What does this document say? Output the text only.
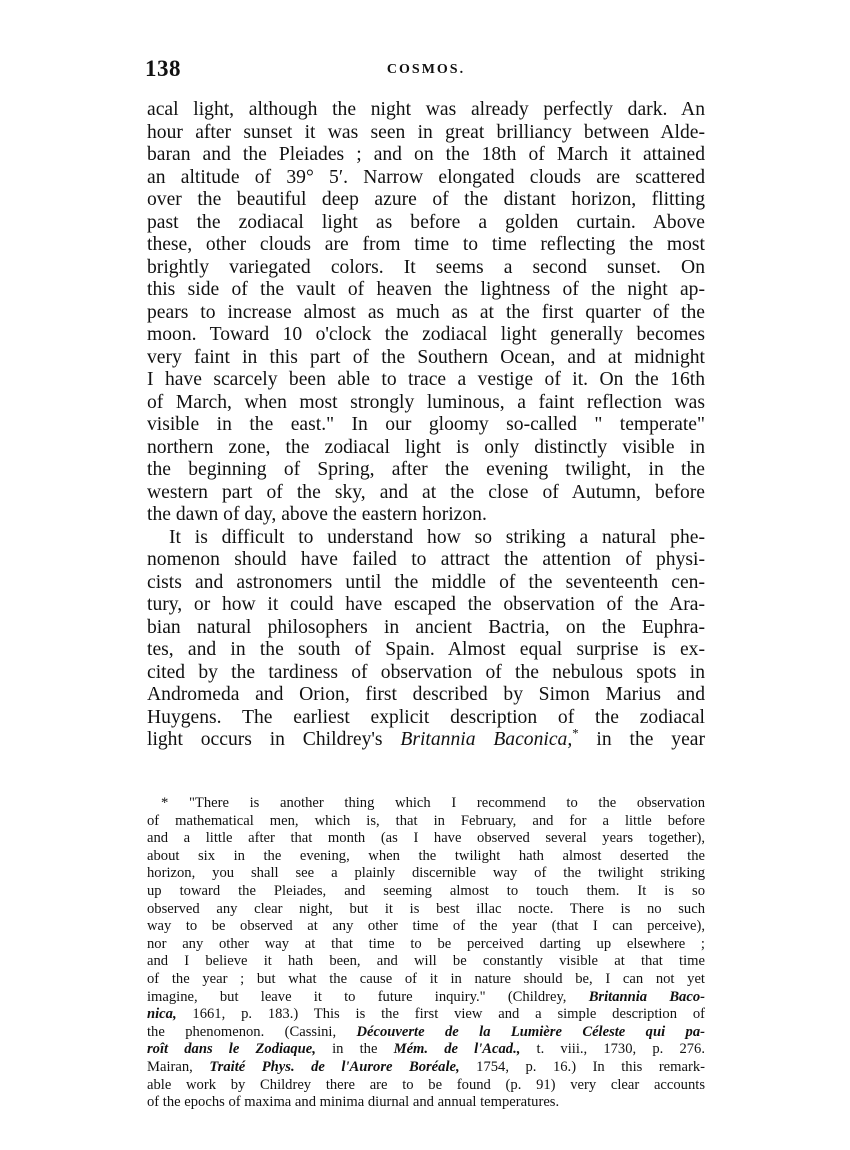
138	COSMOS.
acal light, although the night was already perfectly dark. An
hour after sunset it was seen in great brilliancy between Alde-
baran and the Pleiades ; and on the 18th of March it attained
an altitude of 39° 5′. Narrow elongated clouds are scattered
over the beautiful deep azure of the distant horizon, flitting
past the zodiacal light as before a golden curtain. Above
these, other clouds are from time to time reflecting the most
brightly variegated colors. It seems a second sunset. On
this side of the vault of heaven the lightness of the night ap-
pears to increase almost as much as at the first quarter of the
moon. Toward 10 o'clock the zodiacal light generally becomes
very faint in this part of the Southern Ocean, and at midnight
I have scarcely been able to trace a vestige of it. On the 16th
of March, when most strongly luminous, a faint reflection was
visible in the east." In our gloomy so-called " temperate"
northern zone, the zodiacal light is only distinctly visible in
the beginning of Spring, after the evening twilight, in the
western part of the sky, and at the close of Autumn, before
the dawn of day, above the eastern horizon.
It is difficult to understand how so striking a natural phe-
nomenon should have failed to attract the attention of physi-
cists and astronomers until the middle of the seventeenth cen-
tury, or how it could have escaped the observation of the Ara-
bian natural philosophers in ancient Bactria, on the Euphra-
tes, and in the south of Spain. Almost equal surprise is ex-
cited by the tardiness of observation of the nebulous spots in
Andromeda and Orion, first described by Simon Marius and
Huygens. The earliest explicit description of the zodiacal
light occurs in Childrey's Britannia Baconica,* in the year
* "There is another thing which I recommend to the observation
of mathematical men, which is, that in February, and for a little before
and a little after that month (as I have observed several years together),
about six in the evening, when the twilight hath almost deserted the
horizon, you shall see a plainly discernible way of the twilight striking
up toward the Pleiades, and seeming almost to touch them. It is so
observed any clear night, but it is best illac nocte. There is no such
way to be observed at any other time of the year (that I can perceive),
nor any other way at that time to be perceived darting up elsewhere ;
and I believe it hath been, and will be constantly visible at that time
of the year ; but what the cause of it in nature should be, I can not yet
imagine, but leave it to future inquiry." (Childrey, Britannia Baco-
nica, 1661, p. 183.) This is the first view and a simple description of
the phenomenon. (Cassini, Découverte de la Lumière Céleste qui pa-
roît dans le Zodiaque, in the Mém. de l'Acad., t. viii., 1730, p. 276.
Mairan, Traité Phys. de l'Aurore Boréale, 1754, p. 16.) In this remark-
able work by Childrey there are to be found (p. 91) very clear accounts
of the epochs of maxima and minima diurnal and annual temperatures.
